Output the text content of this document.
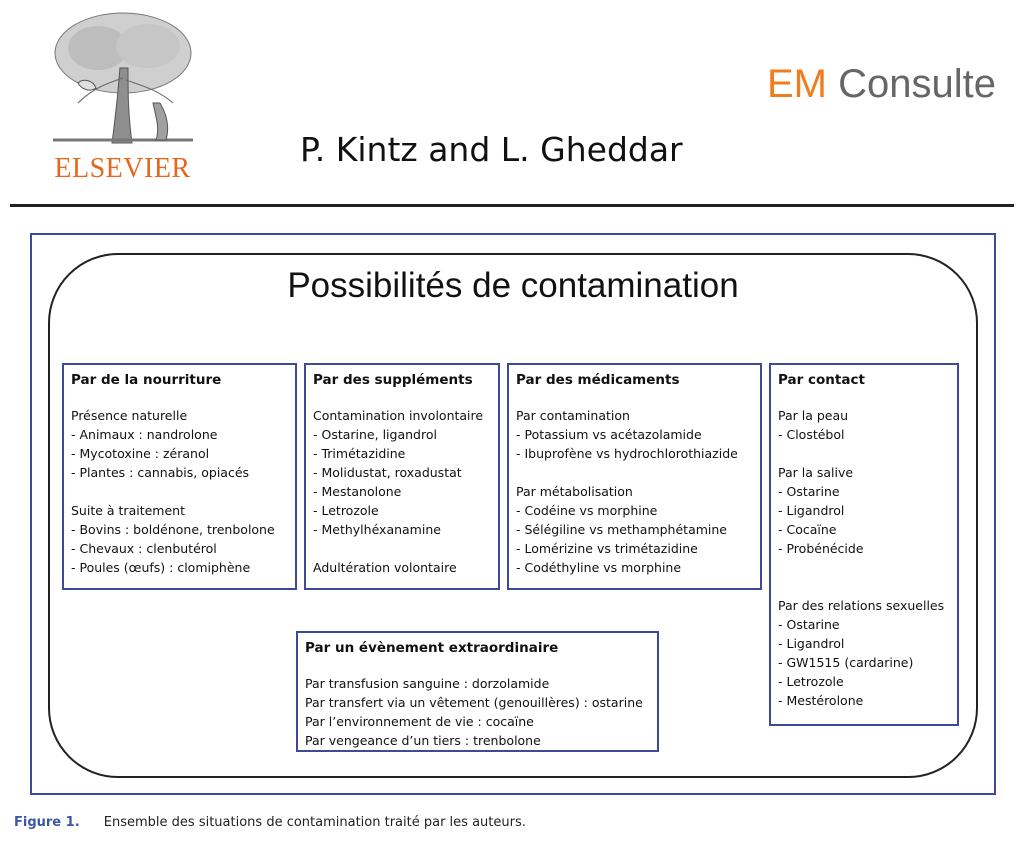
ELSEVIER
EM Consulte
P. Kintz and L. Gheddar
Possibilités de contamination
Par de la nourriture
Présence naturelle
- Animaux : nandrolone
- Mycotoxine : zéranol
- Plantes : cannabis, opiacés
Suite à traitement
- Bovins : boldénone, trenbolone
- Chevaux : clenbutérol
- Poules (œufs) : clomiphène
Par des suppléments
Contamination involontaire
- Ostarine, ligandrol
- Trimétazidine
- Molidustat, roxadustat
- Mestanolone
- Letrozole
- Methylhéxanamine
Adultération volontaire
Par des médicaments
Par contamination
- Potassium vs acétazolamide
- Ibuprofène vs hydrochlorothiazide
Par métabolisation
- Codéine vs morphine
- Sélégiline vs methamphétamine
- Lomérizine vs trimétazidine
- Codéthyline vs morphine
Par contact
Par la peau
- Clostébol
Par la salive
- Ostarine
- Ligandrol
- Cocaïne
- Probénécide
Par des relations sexuelles
- Ostarine
- Ligandrol
- GW1515 (cardarine)
- Letrozole
- Mestérolone
Par un évènement extraordinaire
Par transfusion sanguine : dorzolamide
Par transfert via un vêtement (genouillères) : ostarine
Par l’environnement de vie : cocaïne
Par vengeance d’un tiers : trenbolone
Figure 1. Ensemble des situations de contamination traité par les auteurs.
